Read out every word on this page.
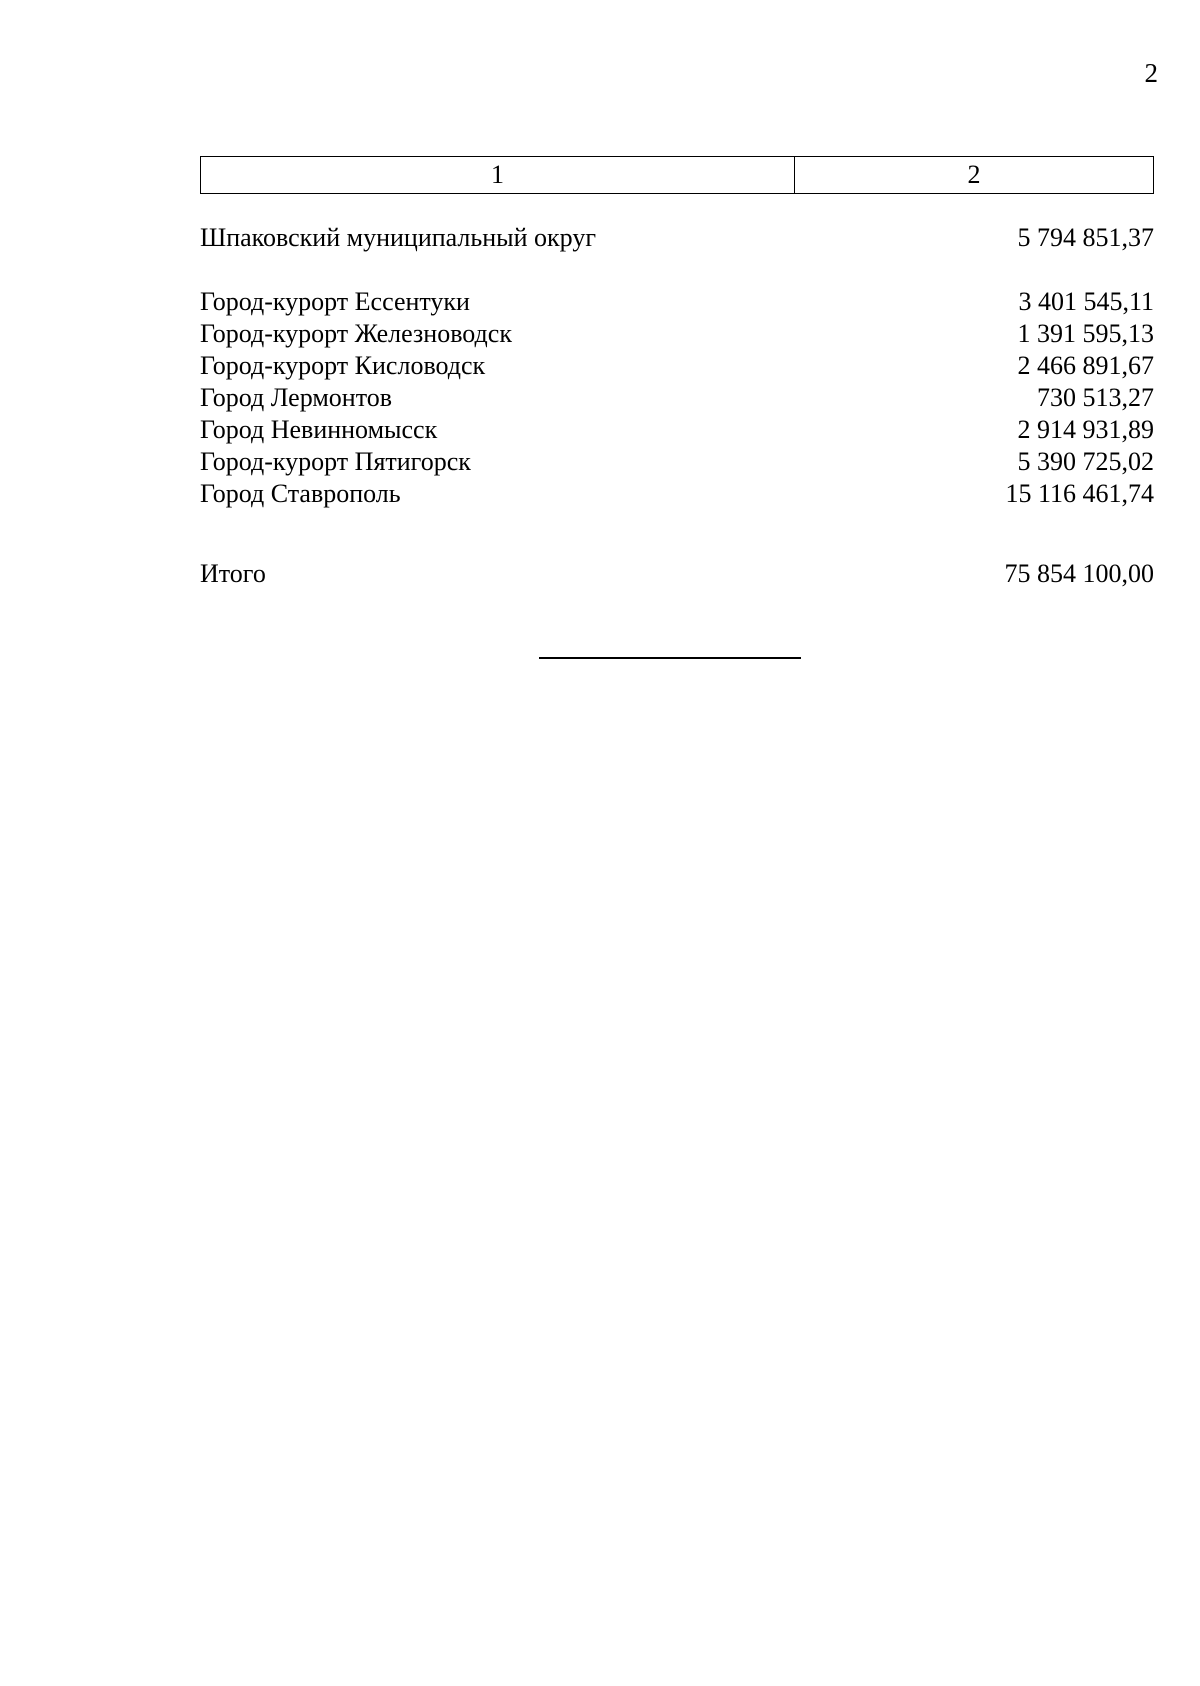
2
1	2
Шпаковский муниципальный округ	5 794 851,37
Город-курорт Ессентуки	3 401 545,11
Город-курорт Железноводск	1 391 595,13
Город-курорт Кисловодск	2 466 891,67
Город Лермонтов	730 513,27
Город Невинномысск	2 914 931,89
Город-курорт Пятигорск	5 390 725,02
Город Ставрополь	15 116 461,74
Итого	75 854 100,00
